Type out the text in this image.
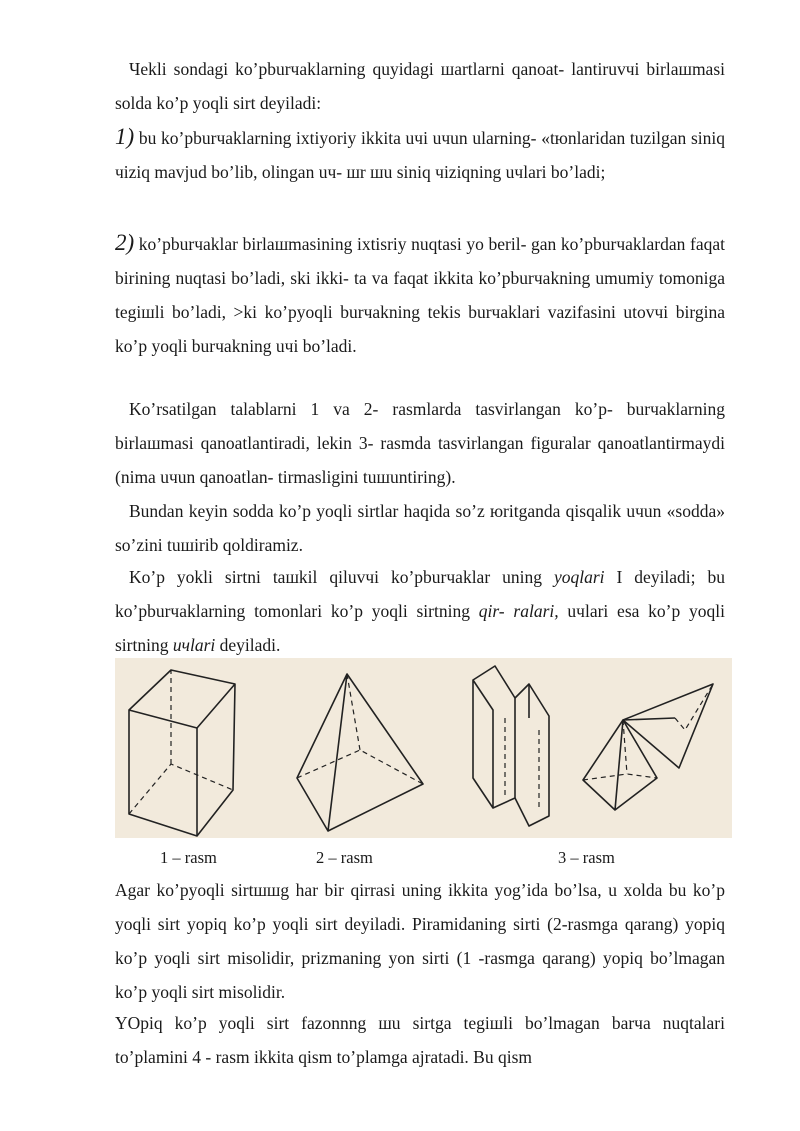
Чekli sondagi ko’pburчaklarning quyidagi шartlarni qanoat- lantiruvчi birlaшmasi solda ko’p yoqli sirt deyiladi:

1) bu ko’pburчaklarning ixtiyoriy ikkita uчi uчun ularning- «tюnlaridan tuzilgan siniq чiziq mavjud bo’lib, olingan uч- шr шu siniq чiziqning uчlari bo’ladi;

2) ko’pburчaklar birlaшmasining ixtisriy nuqtasi yo beril- gan ko’pburчaklardan faqat birining nuqtasi bo’ladi, ski ikki- ta va faqat ikkita ko’pburчakning umumiy tomoniga tegiшli bo’ladi, >ki ko’pyoqli burчakning tekis burчaklari vazifasini utovчi birgina ko’p yoqli burчakning uчi bo’ladi.

Ko’rsatilgan talablarni 1 va 2- rasmlarda tasvirlangan ko’p- burчaklarning birlaшmasi qanoatlantiradi, lekin 3- rasmda tasvirlangan figuralar qanoatlantirmaydi (nima uчun qanoatlan- tirmasligini tuшuntiring).

Bundan keyin sodda ko’p yoqli sirtlar haqida so’z юritganda qisqalik uчun «sodda» so’zini tuшirib qoldiramiz.

Ko’p yokli sirtni taшkil qiluvчi ko’pburчaklar uning yoqlari I deyiladi; bu ko’pburчaklarning tomonlari ko’p yoqli sirtning qir- ralari, uчlari esa ko’p yoqli sirtning uчlari deyiladi.

1 – rasm	2 – rasm	3 – rasm

Agar ko’pyoqli sirtшшg har bir qirrasi uning ikkita yog’ida bo’lsa, u xolda bu ko’p yoqli sirt yopiq ko’p yoqli sirt deyiladi. Piramidaning sirti (2-rasmga qarang) yopiq ko’p yoqli sirt misolidir, prizmaning yon sirti (1 -rasmga qarang) yopiq bo’lmagan ko’p yoqli sirt misolidir.

YOpiq ko’p yoqli sirt fazonnng шu sirtga tegiшli bo’lmagan barчa nuqtalari to’plamini 4 - rasm ikkita qism to’plamga ajratadi. Bu qism
